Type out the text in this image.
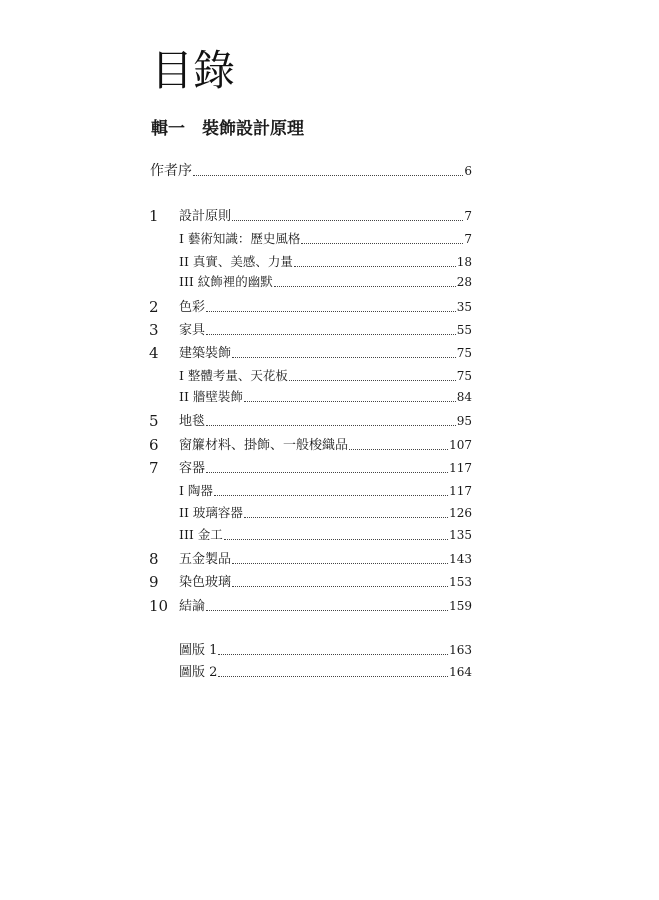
目錄
輯一　裝飾設計原理
作者序	6
1	設計原則	7
I 藝術知識：歷史風格	7
II 真實、美感、力量	18
III 紋飾裡的幽默	28
2	色彩	35
3	家具	55
4	建築裝飾	75
I 整體考量、天花板	75
II 牆壁裝飾	84
5	地毯	95
6	窗簾材料、掛飾、一般梭織品	107
7	容器	117
I 陶器	117
II 玻璃容器	126
III 金工	135
8	五金製品	143
9	染色玻璃	153
10 結論	159
圖版 1	163
圖版 2	164
